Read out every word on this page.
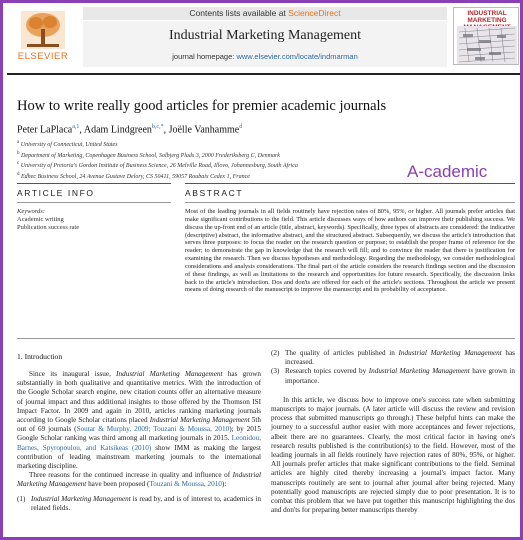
ELSEVIER
Contents lists available at ScienceDirect
Industrial Marketing Management
journal homepage: www.elsevier.com/locate/indmarman
INDUSTRIAL MARKETING
How to write really good articles for premier academic journals
Peter LaPlaca$^{a,1}$, Adam Lindgreen$^{b,c,*}$, Joëlle Vanhamme$^d$
$^a$ University of Connecticut, United States
$^b$ Department of Marketing, Copenhagen Business School, Solbjerg Plads 3, 2000 Frederiksberg C, Denmark
$^c$ University of Pretoria's Gordon Institute of Business Science, 26 Melville Road, Illovo, Johannesburg, South Africa
$^d$ Edhec Business School, 24 Avenue Gustave Delory, CS 50411, 59057 Roubaix Cedex 1, France	A-cademic
ARTICLE INFO	ABSTRACT
Keywords:
Academic writing
Publication success rate
Most of the leading journals in all fields routinely have rejection rates of 80%, 95%, or higher. All journals prefer articles that make significant contributions to the field. This article discusses ways of how authors can improve their publishing success. We discuss the up-front end of an article (title, abstract, keywords). Specifically, three types of abstracts are considered: the indicative (descriptive) abstract, the informative abstract, and the structured abstract. Subsequently, we discuss the article's introduction that serves three purposes: to focus the reader on the research question or purpose; to establish the proper frame of reference for the reader; to demonstrate the gap in knowledge that the research will fill; and to convince the reader that there is justification for examining the research. Then we discuss hypotheses and methodology. Regarding the methodology, we consider methodological considerations and analysis considerations. The final part of the article considers the research findings section and the discussion of these findings, as well as limitations to the research and opportunities for future research. Specifically, the discussion links back to the article's introduction. Dos and don'ts are offered for each of the article's sections. Throughout the article we present means of doing research of the manuscript to improve the manuscript and its probability of acceptance.
1. Introduction

Since its inaugural issue, Industrial Marketing Management has grown substantially in both qualitative and quantitative metrics. With the introduction of the Google Scholar search engine, new citation counts offer an alternative measure of journal impact and thus additional insights to those offered by the Thomson ISI Impact Factor. In 2009 and again in 2010, articles ranking marketing journals according to Google Scholar citations placed Industrial Marketing Management 5th out of 69 journals (Soutar & Murphy, 2009; Touzani & Moussa, 2010); by 2015 Google Scholar ranking was third among all marketing journals in 2015. Leonidou, Barnes, Spyropoulou, and Katsikeas (2010) show IMM as making the largest contribution of leading mainstream marketing journals to the international marketing discipline.

Three reasons for the continued increase in quality and influence of Industrial Marketing Management have been proposed (Touzani & Moussa, 2010):

(1) Industrial Marketing Management is read by, and is of interest to, academics in related fields.
(2) The quality of articles published in Industrial Marketing Management has increased.
(3) Research topics covered by Industrial Marketing Management have grown in importance.

In this article, we discuss how to improve one's success rate when submitting manuscripts to major journals. (A later article will discuss the review and revision process that submitted manuscripts go through.) These helpful hints can make the journey to a successful author easier with more acceptances and fewer rejections, albeit there are no guarantees. Clearly, the most critical factor in having one's research results published is the contribution(s) to the field. However, most of the leading journals in all fields routinely have rejection rates of 80%, 95%, or higher. All journals prefer articles that make significant contributions to the field. Seminal articles are highly cited thereby increasing a journal's impact factor. Many manuscripts routinely are sent to journal after journal after being rejected. Many potentially good manuscripts are rejected simply due to poor presentation. It is to combat this problem that we have put together this manuscript highlighting the dos and don'ts for preparing better manuscripts thereby
